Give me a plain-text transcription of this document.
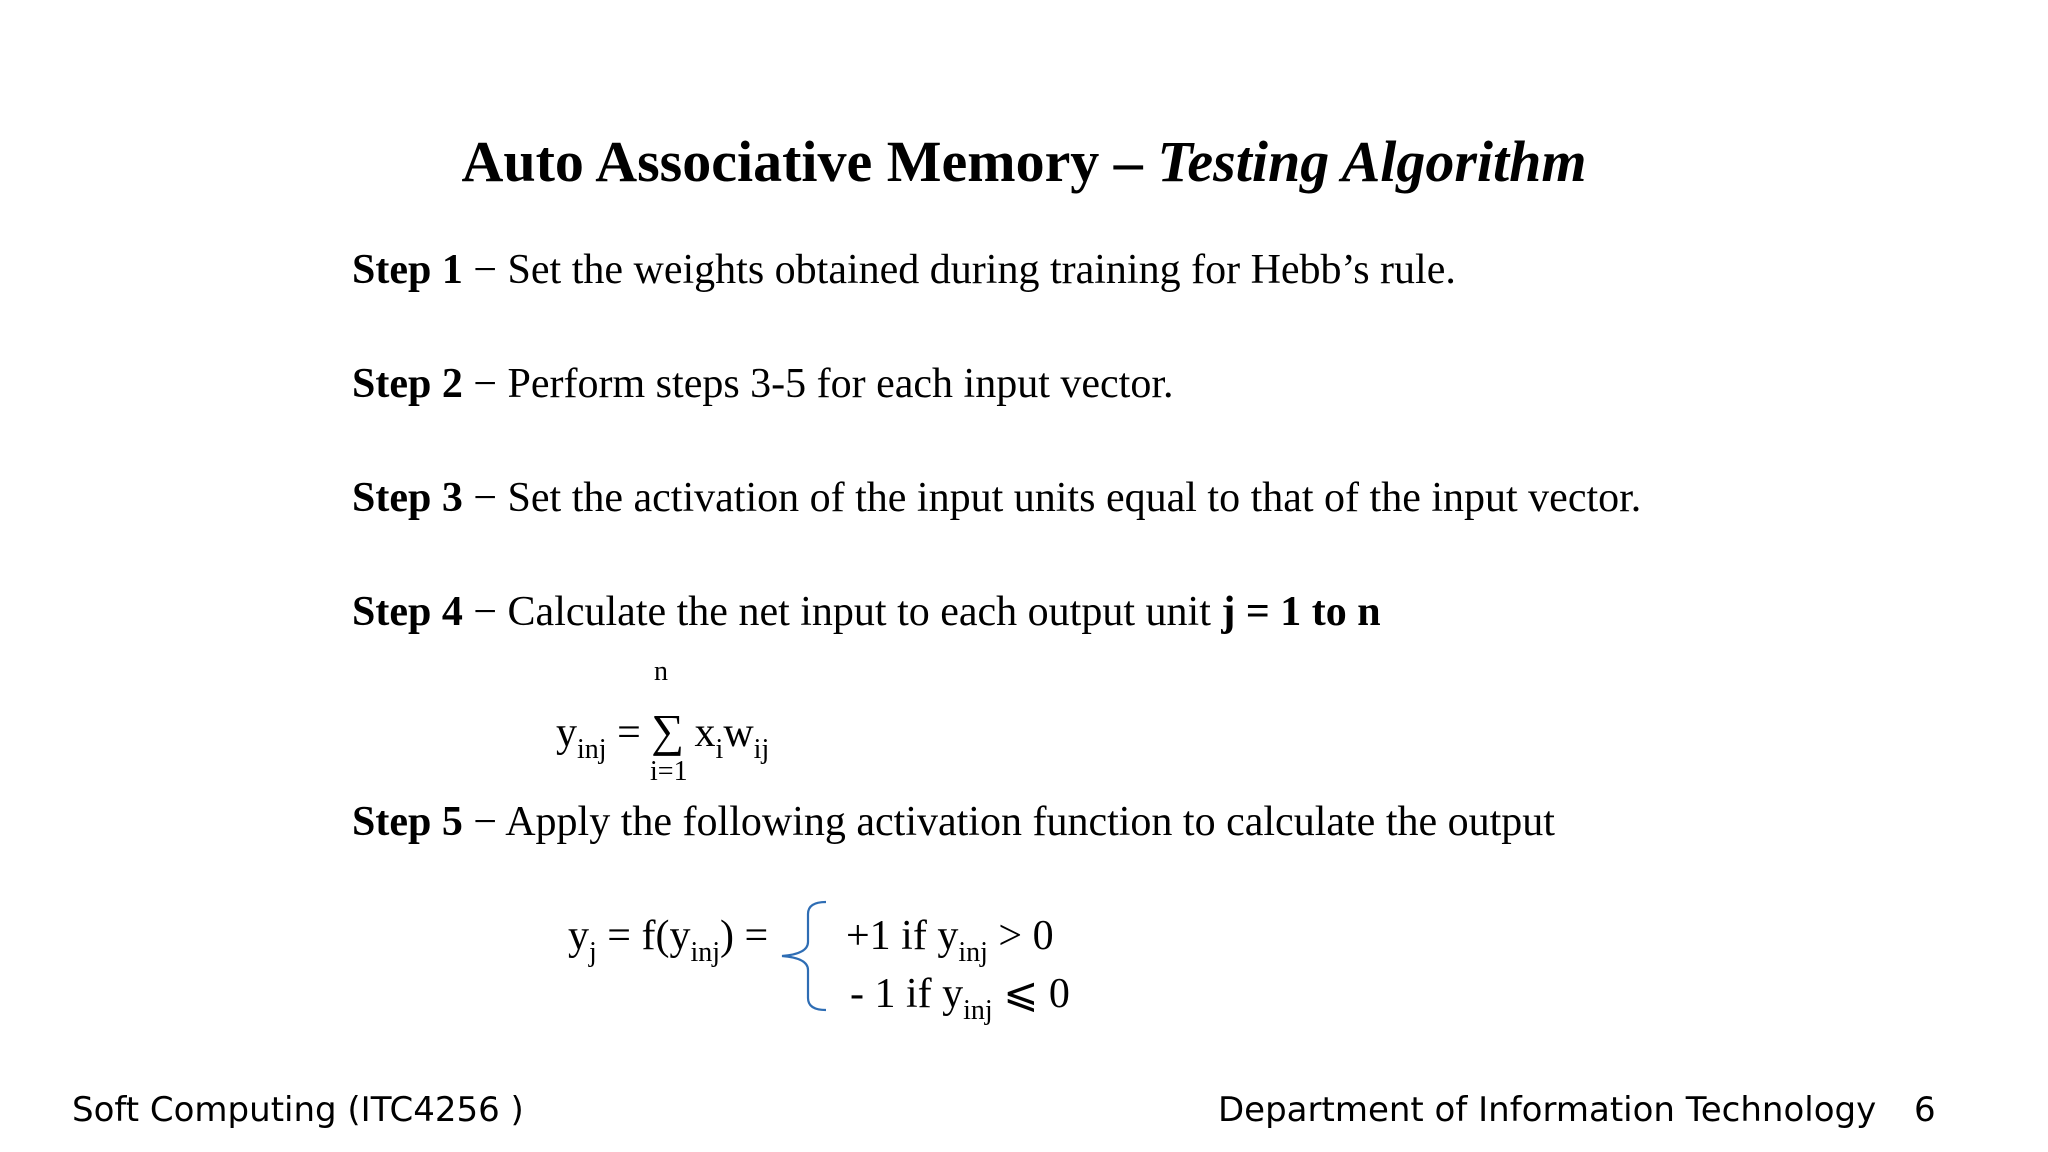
Auto Associative Memory – Testing Algorithm
Step 1 − Set the weights obtained during training for Hebb’s rule.
Step 2 − Perform steps 3-5 for each input vector.
Step 3 − Set the activation of the input units equal to that of the input vector.
Step 4 − Calculate the net input to each output unit j = 1 to n
n
$y_{inj}$ = ∑ $x_iw_{ij}$
i=1
Step 5 − Apply the following activation function to calculate the output
$y_j = f(y_{inj}) = +1$ if $y_{inj} > 0$
- 1 if $y_{inj}$ ⩽ 0
Soft Computing (ITC4256 )	Department of Information Technology 6
